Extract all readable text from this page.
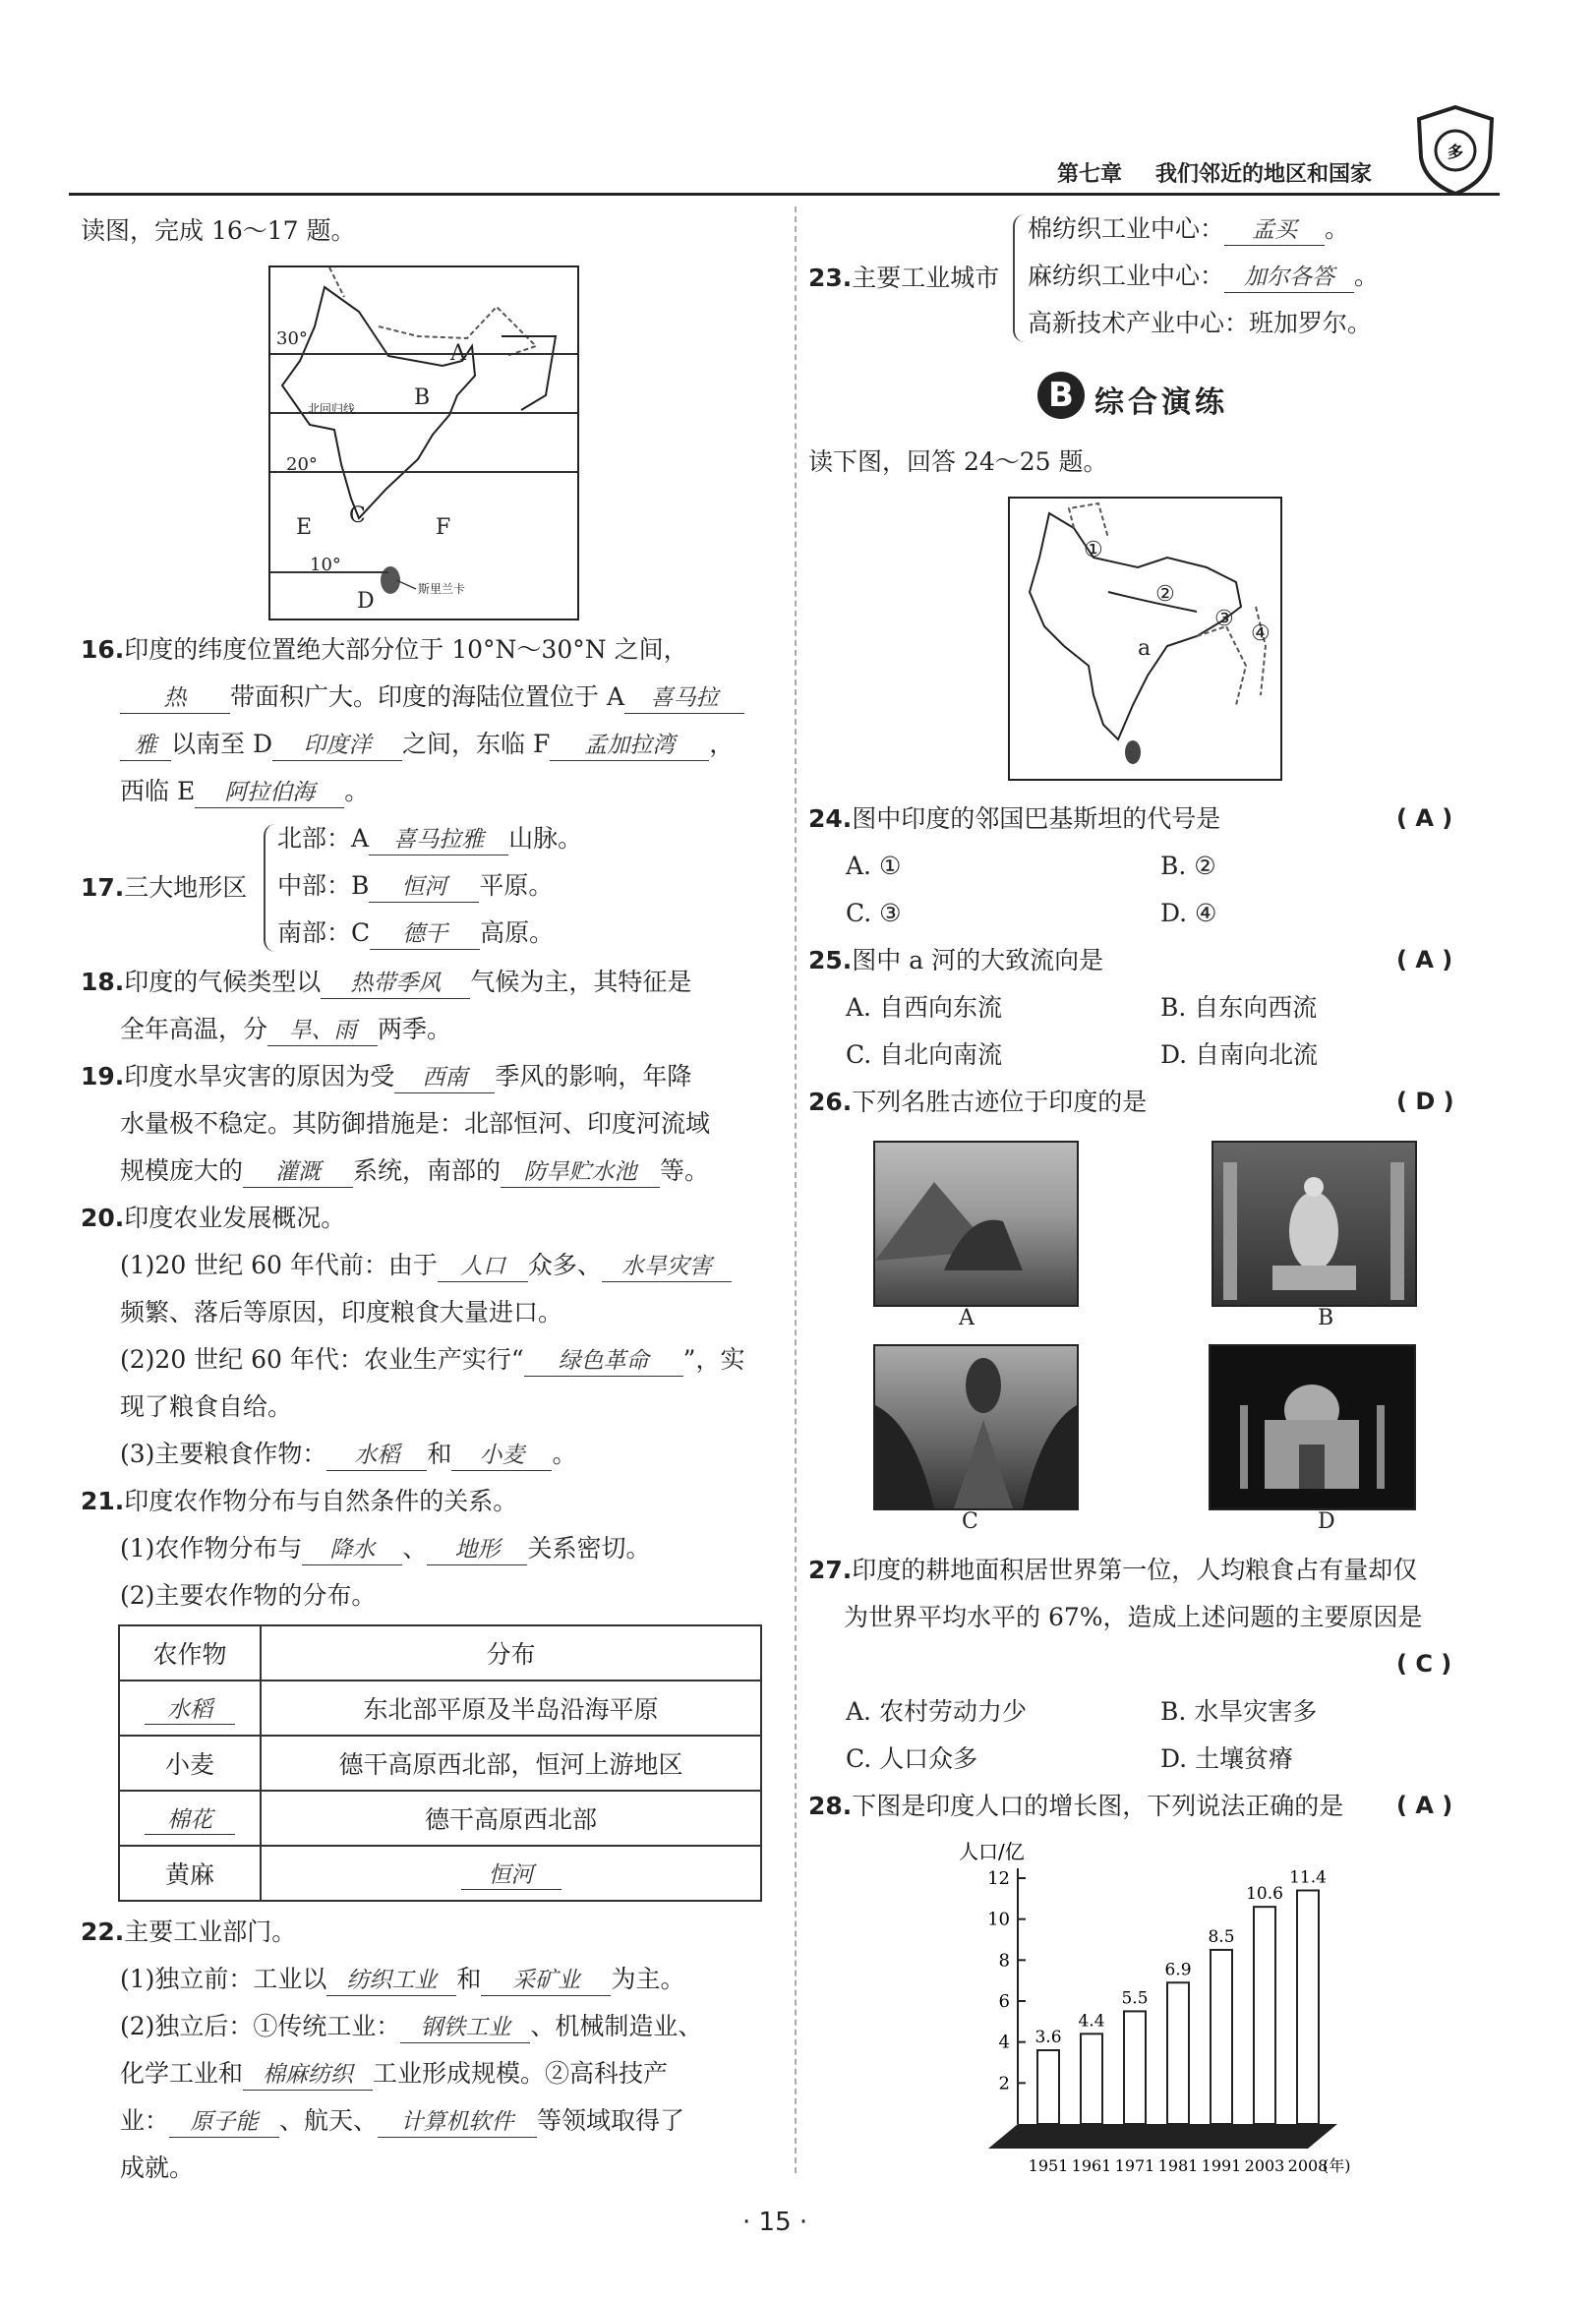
第七章 我们邻近的地区和国家
多
读图，完成 16～17 题。
30°
北回归线
20°
10°
A
B
C
D
E	F
斯里兰卡
16.印度的纬度位置绝大部分位于 10°N～30°N 之间，
热 带面积广大。印度的海陆位置位于 A 喜马拉
雅 以南至 D 印度洋 之间，东临 F 孟加拉湾 ，
西临 E 阿拉伯海 。
17.三大地形区
北部：A 喜马拉雅 山脉。
中部：B 恒河 平原。
南部：C 德干 高原。
18.印度的气候类型以 热带季风 气候为主，其特征是
全年高温，分 旱、雨 两季。
19.印度水旱灾害的原因为受 西南 季风的影响，年降
水量极不稳定。其防御措施是：北部恒河、印度河流域
规模庞大的 灌溉 系统，南部的 防旱贮水池 等。
20.印度农业发展概况。
(1)20 世纪 60 年代前：由于 人口 众多、 水旱灾害
频繁、落后等原因，印度粮食大量进口。
(2)20 世纪 60 年代：农业生产实行“ 绿色革命 ”，实
现了粮食自给。
(3)主要粮食作物： 水稻 和 小麦 。
21.印度农作物分布与自然条件的关系。
(1)农作物分布与 降水 、 地形 关系密切。
(2)主要农作物的分布。
农作物	分布
水稻	东北部平原及半岛沿海平原
小麦	德干高原西北部，恒河上游地区
棉花	德干高原西北部
黄麻	恒河
22.主要工业部门。
(1)独立前：工业以 纺织工业 和 采矿业 为主。
(2)独立后：①传统工业： 钢铁工业 、机械制造业、
化学工业和 棉麻纺织 工业形成规模。②高科技产
业： 原子能 、航天、 计算机软件 等领域取得了
成就。
23.主要工业城市
棉纺织工业中心： 孟买 。
麻纺织工业中心： 加尔各答 。
高新技术产业中心：班加罗尔。
B 综合演练
读下图，回答 24～25 题。
①
②
③
④
a
24.图中印度的邻国巴基斯坦的代号是	( A )
A. ①	B. ②
C. ③	D. ④
25.图中 a 河的大致流向是	( A )
A. 自西向东流	B. 自东向西流
C. 自北向南流	D. 自南向北流
26.下列名胜古迹位于印度的是	( D )
A	B
C	D
27.印度的耕地面积居世界第一位，人均粮食占有量却仅
为世界平均水平的 67%，造成上述问题的主要原因是
( C )
A. 农村劳动力少	B. 水旱灾害多
C. 人口众多	D. 土壤贫瘠
28.下图是印度人口的增长图，下列说法正确的是 ( A )
人口/亿
2
4
6
8
10
12
3.6
1951
4.4
1961
5.5
1971
6.9
1981
8.5
1991
10.6
2003
11.4
2008
(年)
· 15 ·
